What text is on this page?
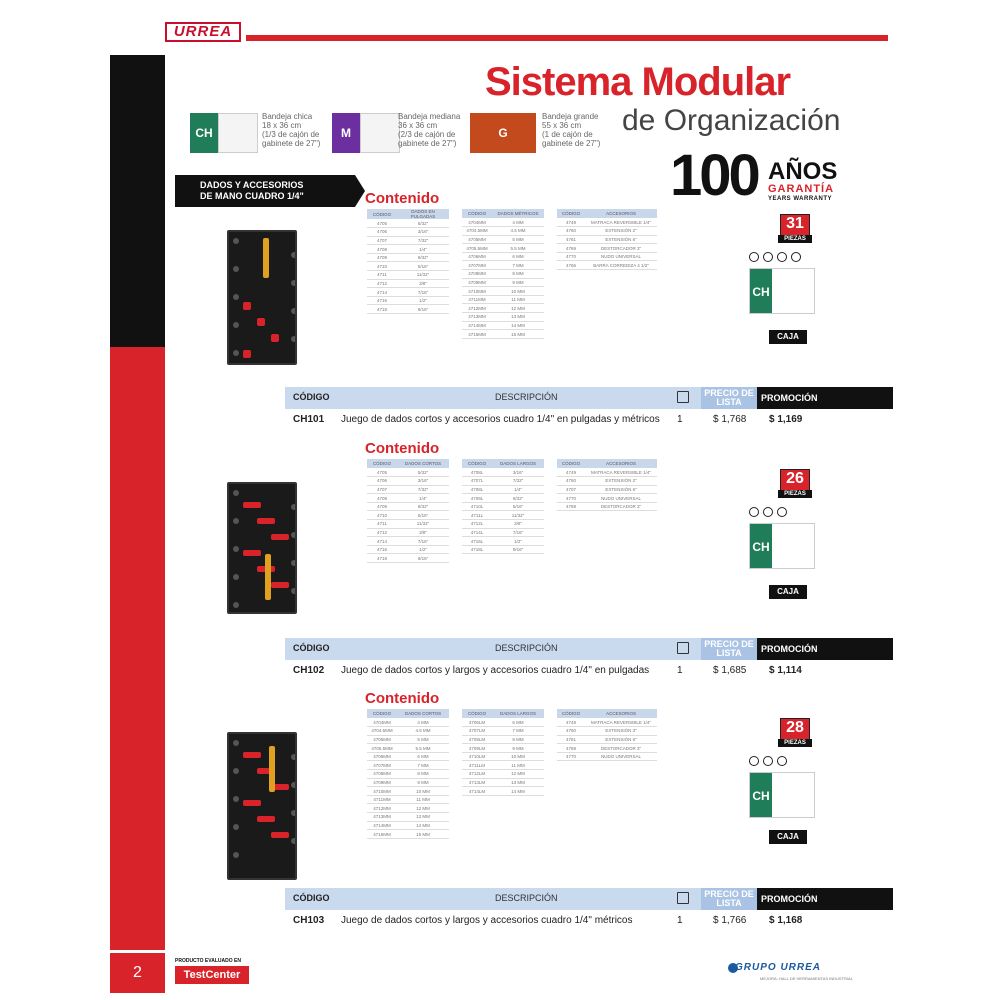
URREA
2
Sistema Modular
de Organización
100 AÑOS
GARANTÍA
YEARS WARRANTY
CH
Bandeja chica
18 x 36 cm
(1/3 de cajón de gabinete de 27")
M
Bandeja mediana
36 x 36 cm
(2/3 de cajón de gabinete de 27")
G
Bandeja grande
55 x 36 cm
(1 de cajón de gabinete de 27")
DADOS Y ACCESORIOS
DE MANO CUADRO 1/4"	Contenido
CÓDIGO	DADOS EN PULGADAS
4705	5/32"
4706	3/16"
4707	7/32"
4708	1/4"
4709	9/32"
4710	5/16"
4711	11/32"
4712	3/8"
4714	7/16"
4716	1/2"
4718	9/16"
CÓDIGO	DADOS MÉTRICOS
4704MM	4 MM
4704.5MM	4.5 MM
4705MM	5 MM
4705.5MM	5.5 MM
4706MM	6 MM
4707MM	7 MM
4708MM	8 MM
4709MM	9 MM
4710MM	10 MM
4711MM	11 MM
4712MM	12 MM
4713MM	13 MM
4714MM	14 MM
4715MM	15 MM
CÓDIGO	ACCESORIOS
4749	MATRACA REVERSIBLE 1/4"
4760	EXTENSIÓN 2"
4761	EXTENSIÓN 6"
4769	DESTORCADOR 3"
4770	NUDO UNIVERSAL
4766	BARRA CORREDIZA 4 1/2"
31
PIEZAS
CH
CAJA
CÓDIGO	DESCRIPCIÓN	PRECIO DE
LISTA	PROMOCIÓN
CH101 Juego de dados cortos y accesorios cuadro 1/4" en pulgadas y métricos 1	$ 1,768 $ 1,169
Contenido
CÓDIGO	DADOS CORTOS
4705	5/32"
4706	3/16"
4707	7/32"
4708	1/4"
4709	9/32"
4710	5/16"
4711	11/32"
4712	3/8"
4714	7/16"
4716	1/2"
4718	9/16"
CÓDIGO	DADOS LARGOS
4708L	3/16"
4707L	7/32"
4708L	1/4"
4709L	9/32"
4710L	5/16"
4711L	11/32"
4712L	3/8"
4714L	7/16"
4716L	1/2"
4718L	9/16"
CÓDIGO	ACCESORIOS
4749	MATRACA REVERSIBLE 1/4"
4760	EXTENSIÓN 2"
4707	EXTENSIÓN 6"
4770	NUDO UNIVERSAL
4769	DESTORCADOR 3"
26
PIEZAS
CH
CAJA
CÓDIGO	DESCRIPCIÓN	PRECIO DE
LISTA	PROMOCIÓN
CH102 Juego de dados cortos y largos y accesorios cuadro 1/4" en pulgadas	1	$ 1,685 $ 1,114
Contenido
CÓDIGO	DADOS CORTOS
4704MM	4 MM
4704.5MM	4.5 MM
4705MM	5 MM
4705.5MM	5.5 MM
4706MM	6 MM
4707MM	7 MM
4708MM	8 MM
4709MM	9 MM
4710MM	10 MM
4711MM	11 MM
4712MM	12 MM
4713MM	13 MM
4714MM	14 MM
4715MM	15 MM
CÓDIGO	DADOS LARGOS
4706LM	6 MM
4707LM	7 MM
4708LM	8 MM
4709LM	9 MM
4710LM	10 MM
4711LM	11 MM
4712LM	12 MM
4713LM	13 MM
4714LM	14 MM
CÓDIGO	ACCESORIOS
4749	MATRACA REVERSIBLE 1/4"
4760	EXTENSIÓN 3"
4761	EXTENSIÓN 6"
4769	DESTORCADOR 3"
4770	NUDO UNIVERSAL
28
PIEZAS
CH
CAJA
CÓDIGO	DESCRIPCIÓN	PRECIO DE
LISTA	PROMOCIÓN
CH103 Juego de dados cortos y largos y accesorios cuadro 1/4" métricos	1	$ 1,766 $ 1,168
PRODUCTO EVALUADO EN
TestCenter
GRUPO URREA
MEJORA: HALL DE HERRAMIENTAS INDUSTRIAL
